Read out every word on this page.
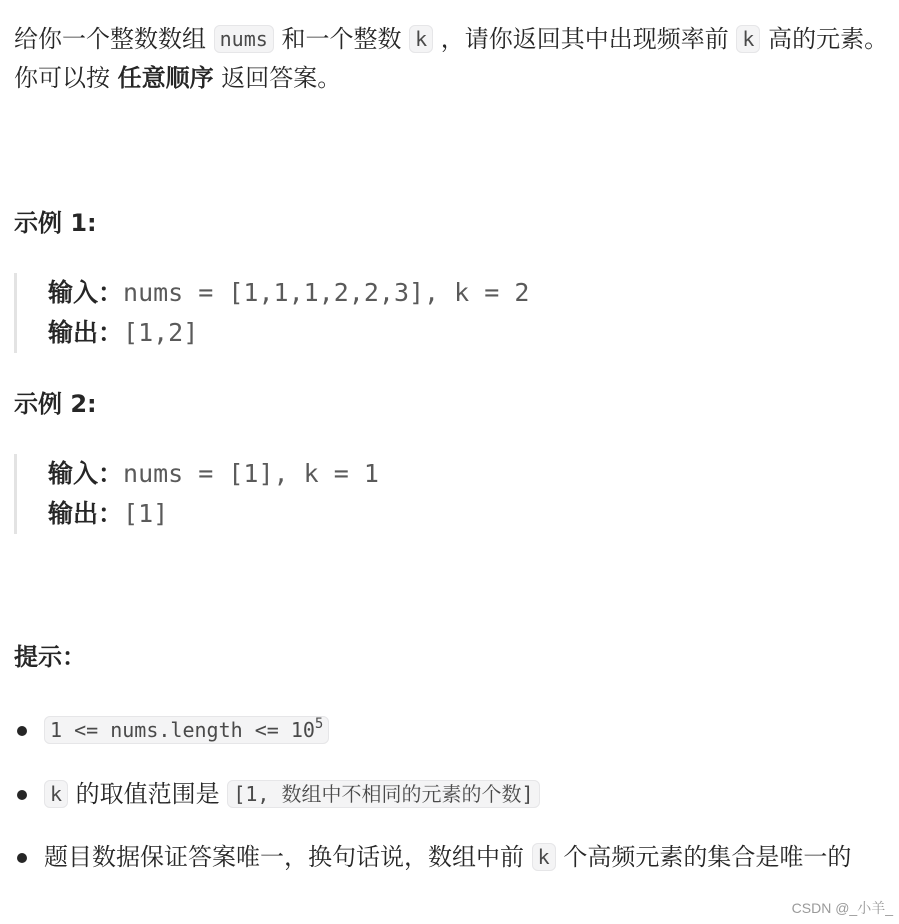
给你一个整数数组 nums 和一个整数 k ，请你返回其中出现频率前 k 高的元素。你可以按 任意顺序 返回答案。

示例 1:
输入：nums = [1,1,1,2,2,3], k = 2
输出：[1,2]
示例 2:
输入：nums = [1], k = 1
输出：[1]
提示：
1 <= nums.length <= $10^5$
k 的取值范围是 [1, 数组中不相同的元素的个数]
题目数据保证答案唯一，换句话说，数组中前 k 个高频元素的集合是唯一的
CSDN @_小羊_
